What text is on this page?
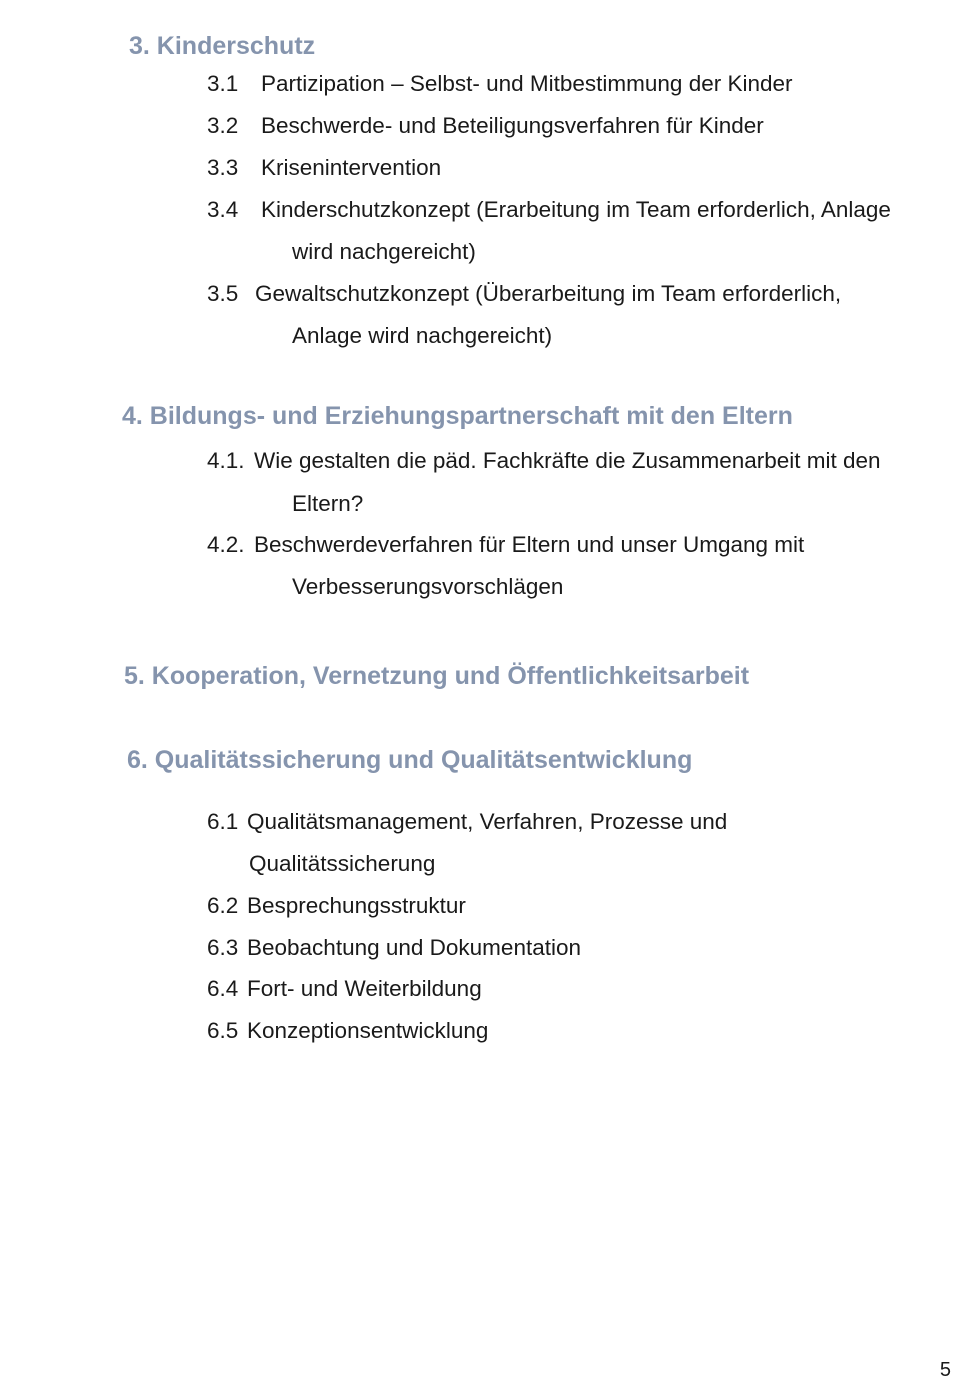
3. Kinderschutz
3.1 Partizipation – Selbst- und Mitbestimmung der Kinder
3.2 Beschwerde- und Beteiligungsverfahren für Kinder
3.3 Krisenintervention
3.4 Kinderschutzkonzept (Erarbeitung im Team erforderlich, Anlage
wird nachgereicht)
3.5 Gewaltschutzkonzept (Überarbeitung im Team erforderlich,
Anlage wird nachgereicht)
4. Bildungs- und Erziehungspartnerschaft mit den Eltern
4.1. Wie gestalten die päd. Fachkräfte die Zusammenarbeit mit den
Eltern?
4.2. Beschwerdeverfahren für Eltern und unser Umgang mit
Verbesserungsvorschlägen
5. Kooperation, Vernetzung und Öffentlichkeitsarbeit
6. Qualitätssicherung und Qualitätsentwicklung
6.1 Qualitätsmanagement, Verfahren, Prozesse und
Qualitätssicherung
6.2 Besprechungsstruktur
6.3 Beobachtung und Dokumentation
6.4 Fort- und Weiterbildung
6.5 Konzeptionsentwicklung
5
